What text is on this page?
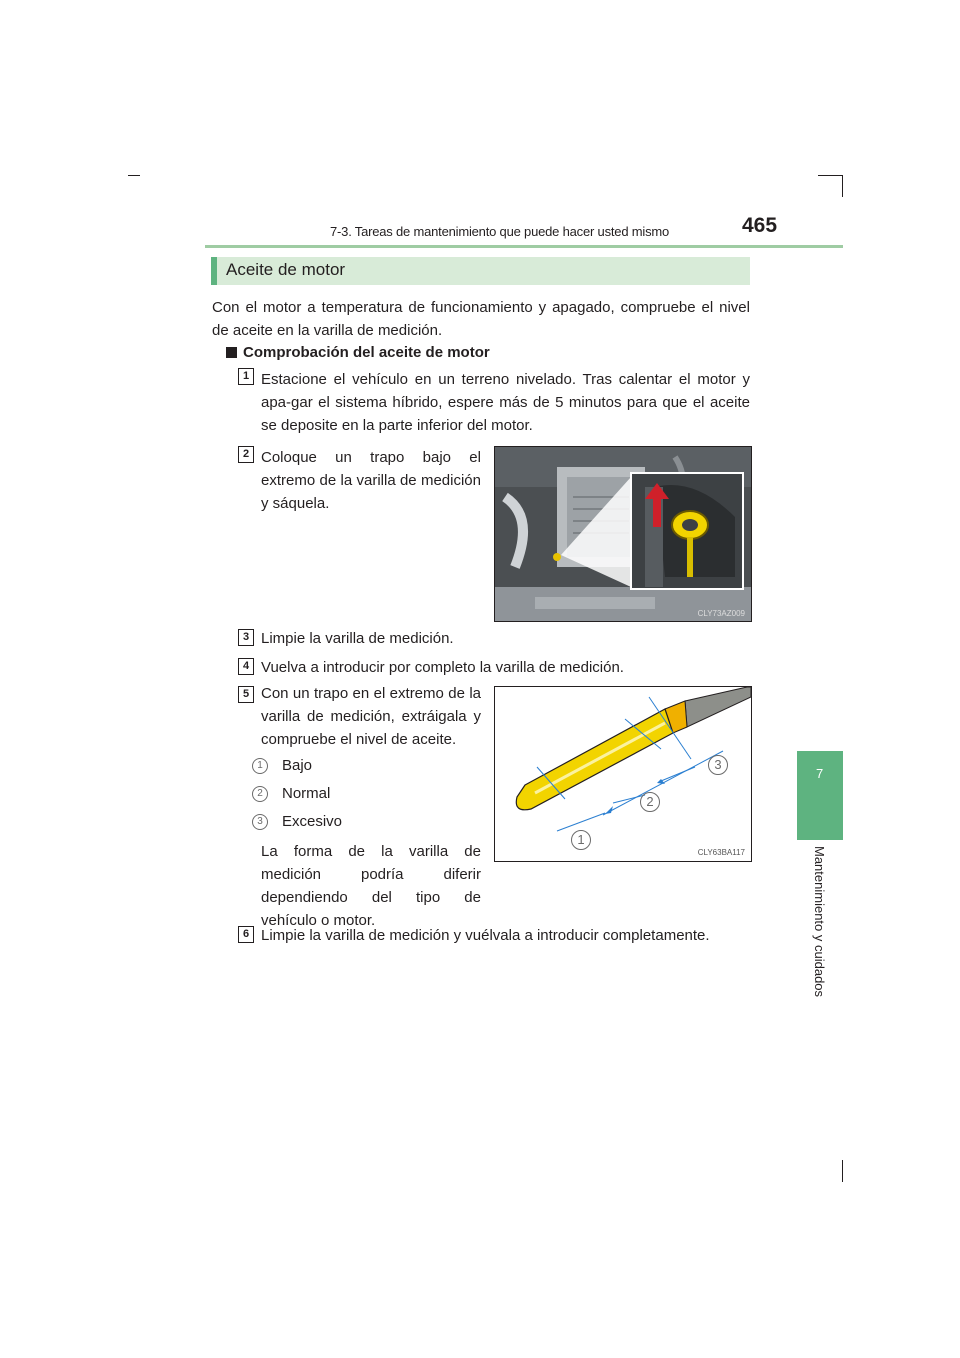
7-3. Tareas de mantenimiento que puede hacer usted mismo	465
7
Mantenimiento y cuidados
Aceite de motor
Con el motor a temperatura de funcionamiento y apagado, compruebe el nivel de aceite en la varilla de medición.
Comprobación del aceite de motor
1 Estacione el vehículo en un terreno nivelado. Tras calentar el motor y apa-gar el sistema híbrido, espere más de 5 minutos para que el aceite se deposite en la parte inferior del motor.
2 Coloque un trapo bajo el extremo de la varilla de medición y sáquela.
CLY73AZ009
3 Limpie la varilla de medición.
4 Vuelva a introducir por completo la varilla de medición.
5 Con un trapo en el extremo de la varilla de medición, extráigala y compruebe el nivel de aceite.
1	Bajo
2	Normal
3	Excesivo
La forma de la varilla de medición podría diferir dependiendo del tipo de vehículo o motor.
3
2
1
CLY63BA117
6 Limpie la varilla de medición y vuélvala a introducir completamente.
